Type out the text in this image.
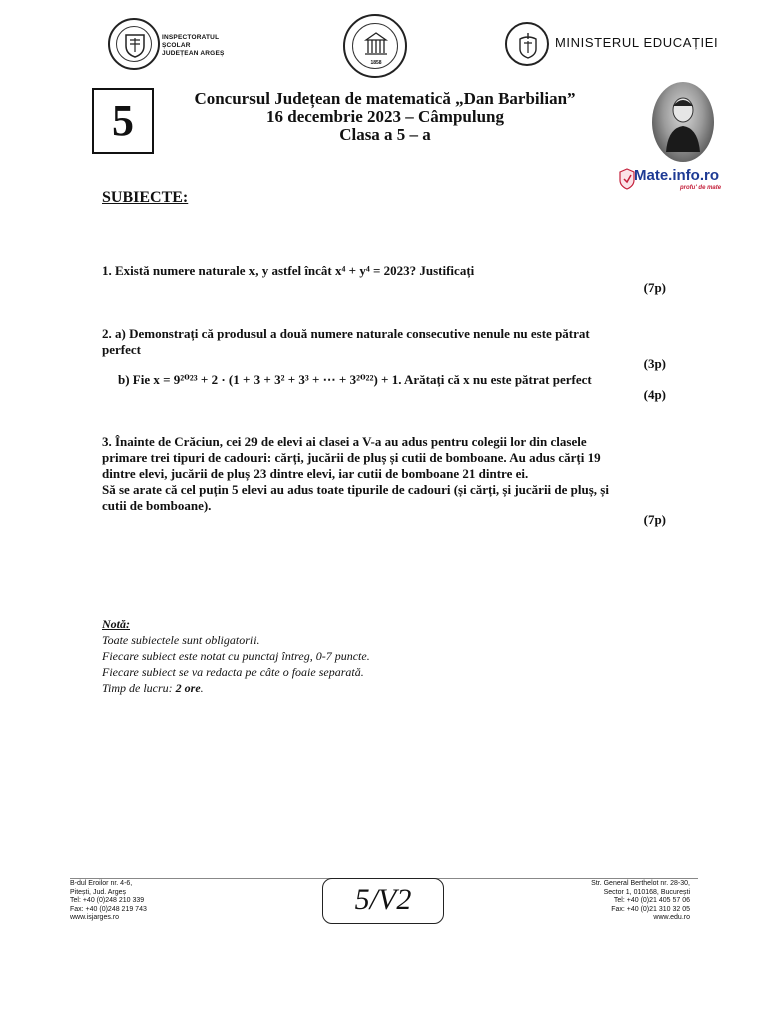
INSPECTORATUL ȘCOLAR
JUDEȚEAN ARGEȘ
1858
MINISTERUL EDUCAȚIEI
5	Concursul Județean de matematică „Dan Barbilian”
16 decembrie 2023 – Câmpulung
Clasa a 5 – a
Mate.info.ro
profu' de mate
SUBIECTE:
1. Există numere naturale x, y astfel încât x⁴ + y⁴ = 2023? Justificați
(7p)
2. a) Demonstrați că produsul a două numere naturale consecutive nenule nu este pătrat
perfect
(3p)
b) Fie x = 9²⁰²³ + 2 · (1 + 3 + 3² + 3³ + ⋯ + 3²⁰²²) + 1. Arătați că x nu este pătrat perfect
(4p)
3. Înainte de Crăciun, cei 29 de elevi ai clasei a V-a au adus pentru colegii lor din clasele
primare trei tipuri de cadouri: cărți, jucării de pluș și cutii de bomboane. Au adus cărți 19
dintre elevi, jucării de pluș 23 dintre elevi, iar cutii de bomboane 21 dintre ei.
Să se arate că cel puțin 5 elevi au adus toate tipurile de cadouri (și cărți, și jucării de pluș, și
cutii de bomboane).
(7p)
Notă:
Toate subiectele sunt obligatorii.
Fiecare subiect este notat cu punctaj întreg, 0-7 puncte.
Fiecare subiect se va redacta pe câte o foaie separată.
Timp de lucru: 2 ore.
B-dul Eroilor nr. 4-6,
Pitești, Jud. Argeș
Tel: +40 (0)248 210 339
Fax: +40 (0)248 219 743
www.isjarges.ro
5/V2	Str. General Berthelot nr. 28-30,
Sector 1, 010168, București
Tel: +40 (0)21 405 57 06
Fax: +40 (0)21 310 32 05
www.edu.ro
